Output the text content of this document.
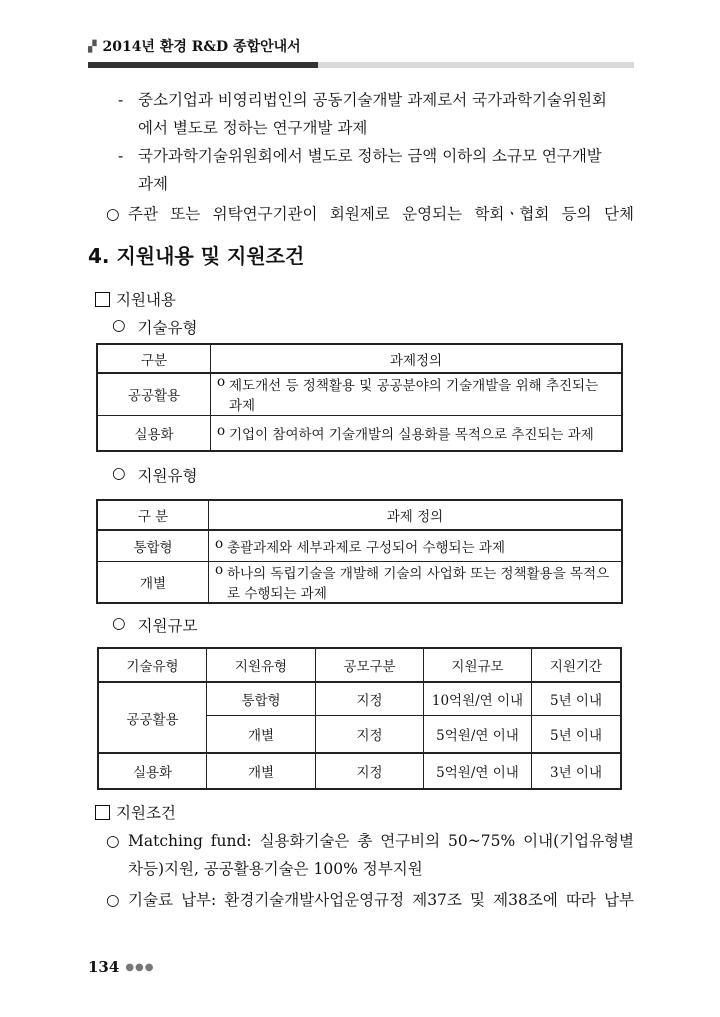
▞ 2014년 환경 R&D 종합안내서
- 중소기업과 비영리법인의 공동기술개발 과제로서 국가과학기술위원회
에서 별도로 정하는 연구개발 과제
- 국가과학기술위원회에서 별도로 정하는 금액 이하의 소규모 연구개발
과제
○ 주관 또는 위탁연구기관이 회원제로 운영되는 학회ㆍ협회 등의 단체
4. 지원내용 및 지원조건
지원내용
○ 기술유형
구분	과제정의
공공활용	o 제도개선 등 정책활용 및 공공분야의 기술개발을 위해 추진되는 과제

실용화	o 기업이 참여하여 기술개발의 실용화를 목적으로 추진되는 과제
○ 지원유형
구 분	과제 정의
통합형	o 총괄과제와 세부과제로 구성되어 수행되는 과제

개별	o 하나의 독립기술을 개발해 기술의 사업화 또는 정책활용을 목적으로 수행되는 과제
○ 지원규모
기술유형	지원유형	공모구분	지원규모	지원기간
공공활용	통합형	지정	10억원/연 이내	5년 이내
	개별	지정	5억원/연 이내	5년 이내
실용화	개별	지정	5억원/연 이내	3년 이내
지원조건
○ Matching fund: 실용화기술은 총 연구비의 50~75% 이내(기업유형별
차등)지원, 공공활용기술은 100% 정부지원
○ 기술료 납부: 환경기술개발사업운영규정 제37조 및 제38조에 따라 납부
134 ●●●
